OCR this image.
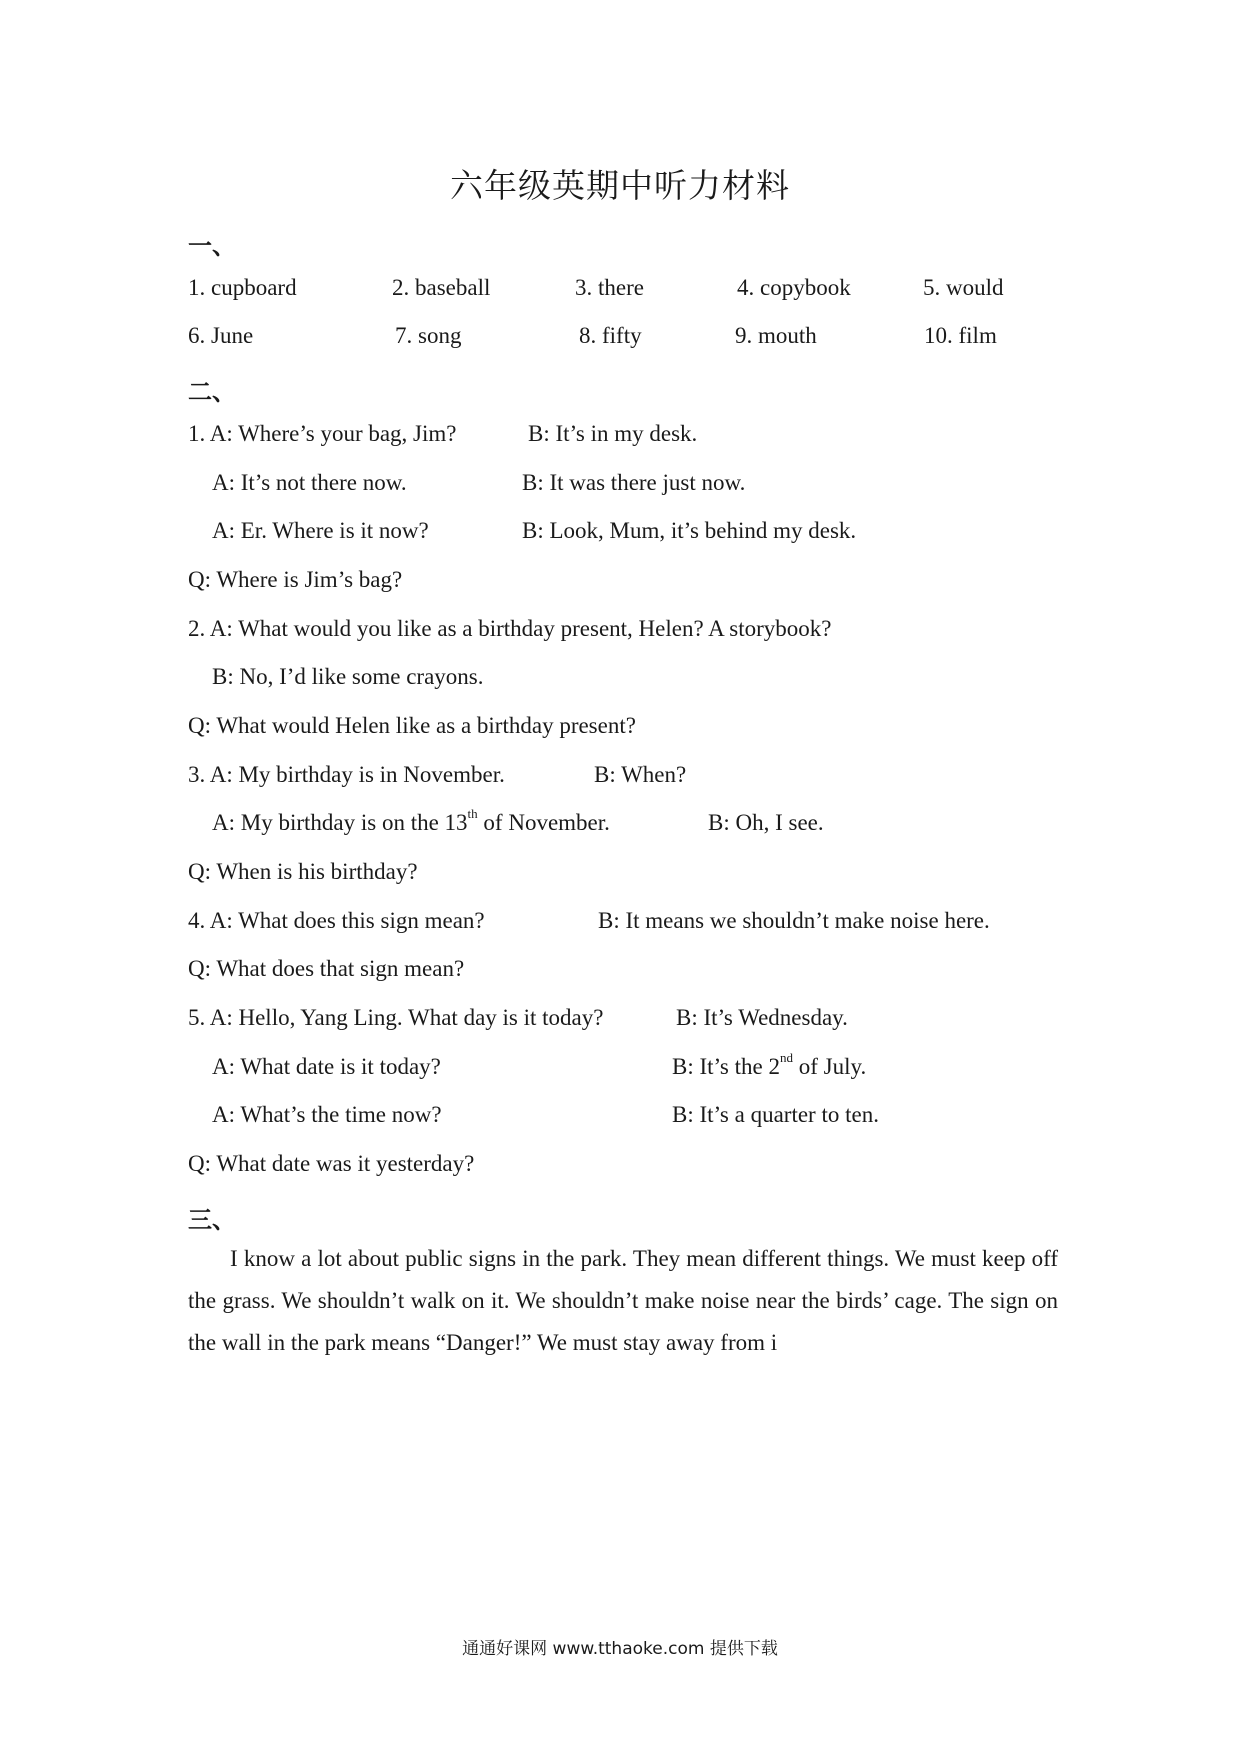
六年级英期中听力材料
一、
1. cupboard	2. baseball	3. there	4. copybook	5. would
6. June	7. song	8. fifty	9. mouth	10. film
二、
1. A: Where’s your bag, Jim?	B: It’s in my desk.
A: It’s not there now.	B: It was there just now.
A: Er. Where is it now?	B: Look, Mum, it’s behind my desk.
Q: Where is Jim’s bag?
2. A: What would you like as a birthday present, Helen? A storybook?
B: No, I’d like some crayons.
Q: What would Helen like as a birthday present?
3. A: My birthday is in November.	B: When?
A: My birthday is on the 13th of November.	B: Oh, I see.
Q: When is his birthday?
4. A: What does this sign mean?	B: It means we shouldn’t make noise here.
Q: What does that sign mean?
5. A: Hello, Yang Ling. What day is it today?	B: It’s Wednesday.
A: What date is it today?	B: It’s the 2nd of July.
A: What’s the time now?	B: It’s a quarter to ten.
Q: What date was it yesterday?
三、
I know a lot about public signs in the park. They mean different things. We must keep off the grass. We shouldn’t walk on it. We shouldn’t make noise near the birds’ cage. The sign on the wall in the park means “Danger!” We must stay away from i
通通好课网 www.tthaoke.com 提供下载
